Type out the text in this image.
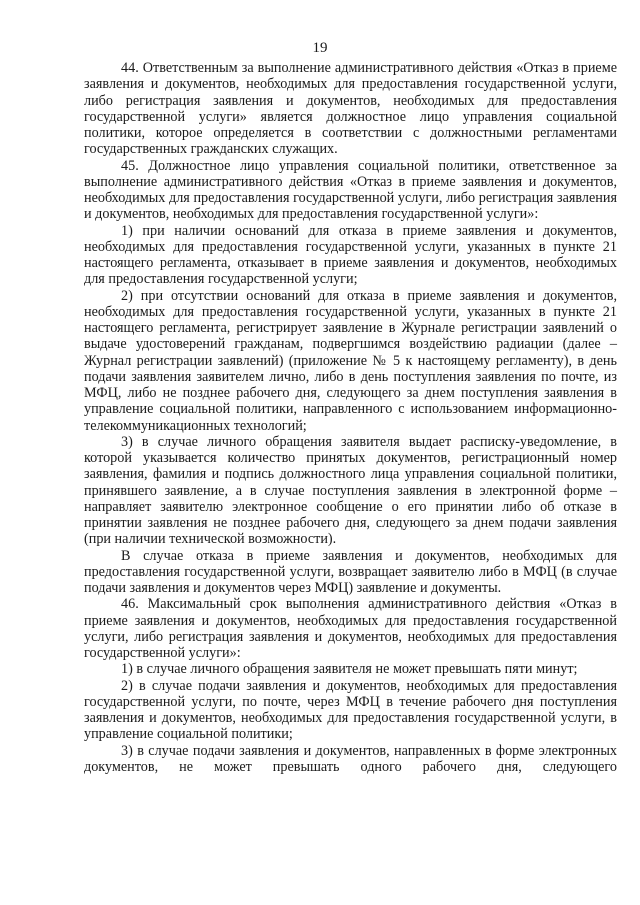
19

44. Ответственным за выполнение административного действия «Отказ в приеме заявления и документов, необходимых для предоставления государственной услуги, либо регистрация заявления и документов, необходимых для предоставления государственной услуги» является должностное лицо управления социальной политики, которое определяется в соответствии с должностными регламентами государственных гражданских служащих.

45. Должностное лицо управления социальной политики, ответственное за выполнение административного действия «Отказ в приеме заявления и документов, необходимых для предоставления государственной услуги, либо регистрация заявления и документов, необходимых для предоставления государственной услуги»:

1) при наличии оснований для отказа в приеме заявления и документов, необходимых для предоставления государственной услуги, указанных в пункте 21 настоящего регламента, отказывает в приеме заявления и документов, необходимых для предоставления государственной услуги;

2) при отсутствии оснований для отказа в приеме заявления и документов, необходимых для предоставления государственной услуги, указанных в пункте 21 настоящего регламента, регистрирует заявление в Журнале регистрации заявлений о выдаче удостоверений гражданам, подвергшимся воздействию радиации (далее – Журнал регистрации заявлений) (приложение № 5 к настоящему регламенту), в день подачи заявления заявителем лично, либо в день поступления заявления по почте, из МФЦ, либо не позднее рабочего дня, следующего за днем поступления заявления в управление социальной политики, направленного с использованием информационно-телекоммуникационных технологий;

3) в случае личного обращения заявителя выдает расписку-уведомление, в которой указывается количество принятых документов, регистрационный номер заявления, фамилия и подпись должностного лица управления социальной политики, принявшего заявление, а в случае поступления заявления в электронной форме – направляет заявителю электронное сообщение о его принятии либо об отказе в принятии заявления не позднее рабочего дня, следующего за днем подачи заявления (при наличии технической возможности).

В случае отказа в приеме заявления и документов, необходимых для предоставления государственной услуги, возвращает заявителю либо в МФЦ (в случае подачи заявления и документов через МФЦ) заявление и документы.

46. Максимальный срок выполнения административного действия «Отказ в приеме заявления и документов, необходимых для предоставления государственной услуги, либо регистрация заявления и документов, необходимых для предоставления государственной услуги»:

1) в случае личного обращения заявителя не может превышать пяти минут;

2) в случае подачи заявления и документов, необходимых для предоставления государственной услуги, по почте, через МФЦ в течение рабочего дня поступления заявления и документов, необходимых для предоставления государственной услуги, в управление социальной политики;

3) в случае подачи заявления и документов, направленных в форме электронных документов, не может превышать одного рабочего дня, следующего
